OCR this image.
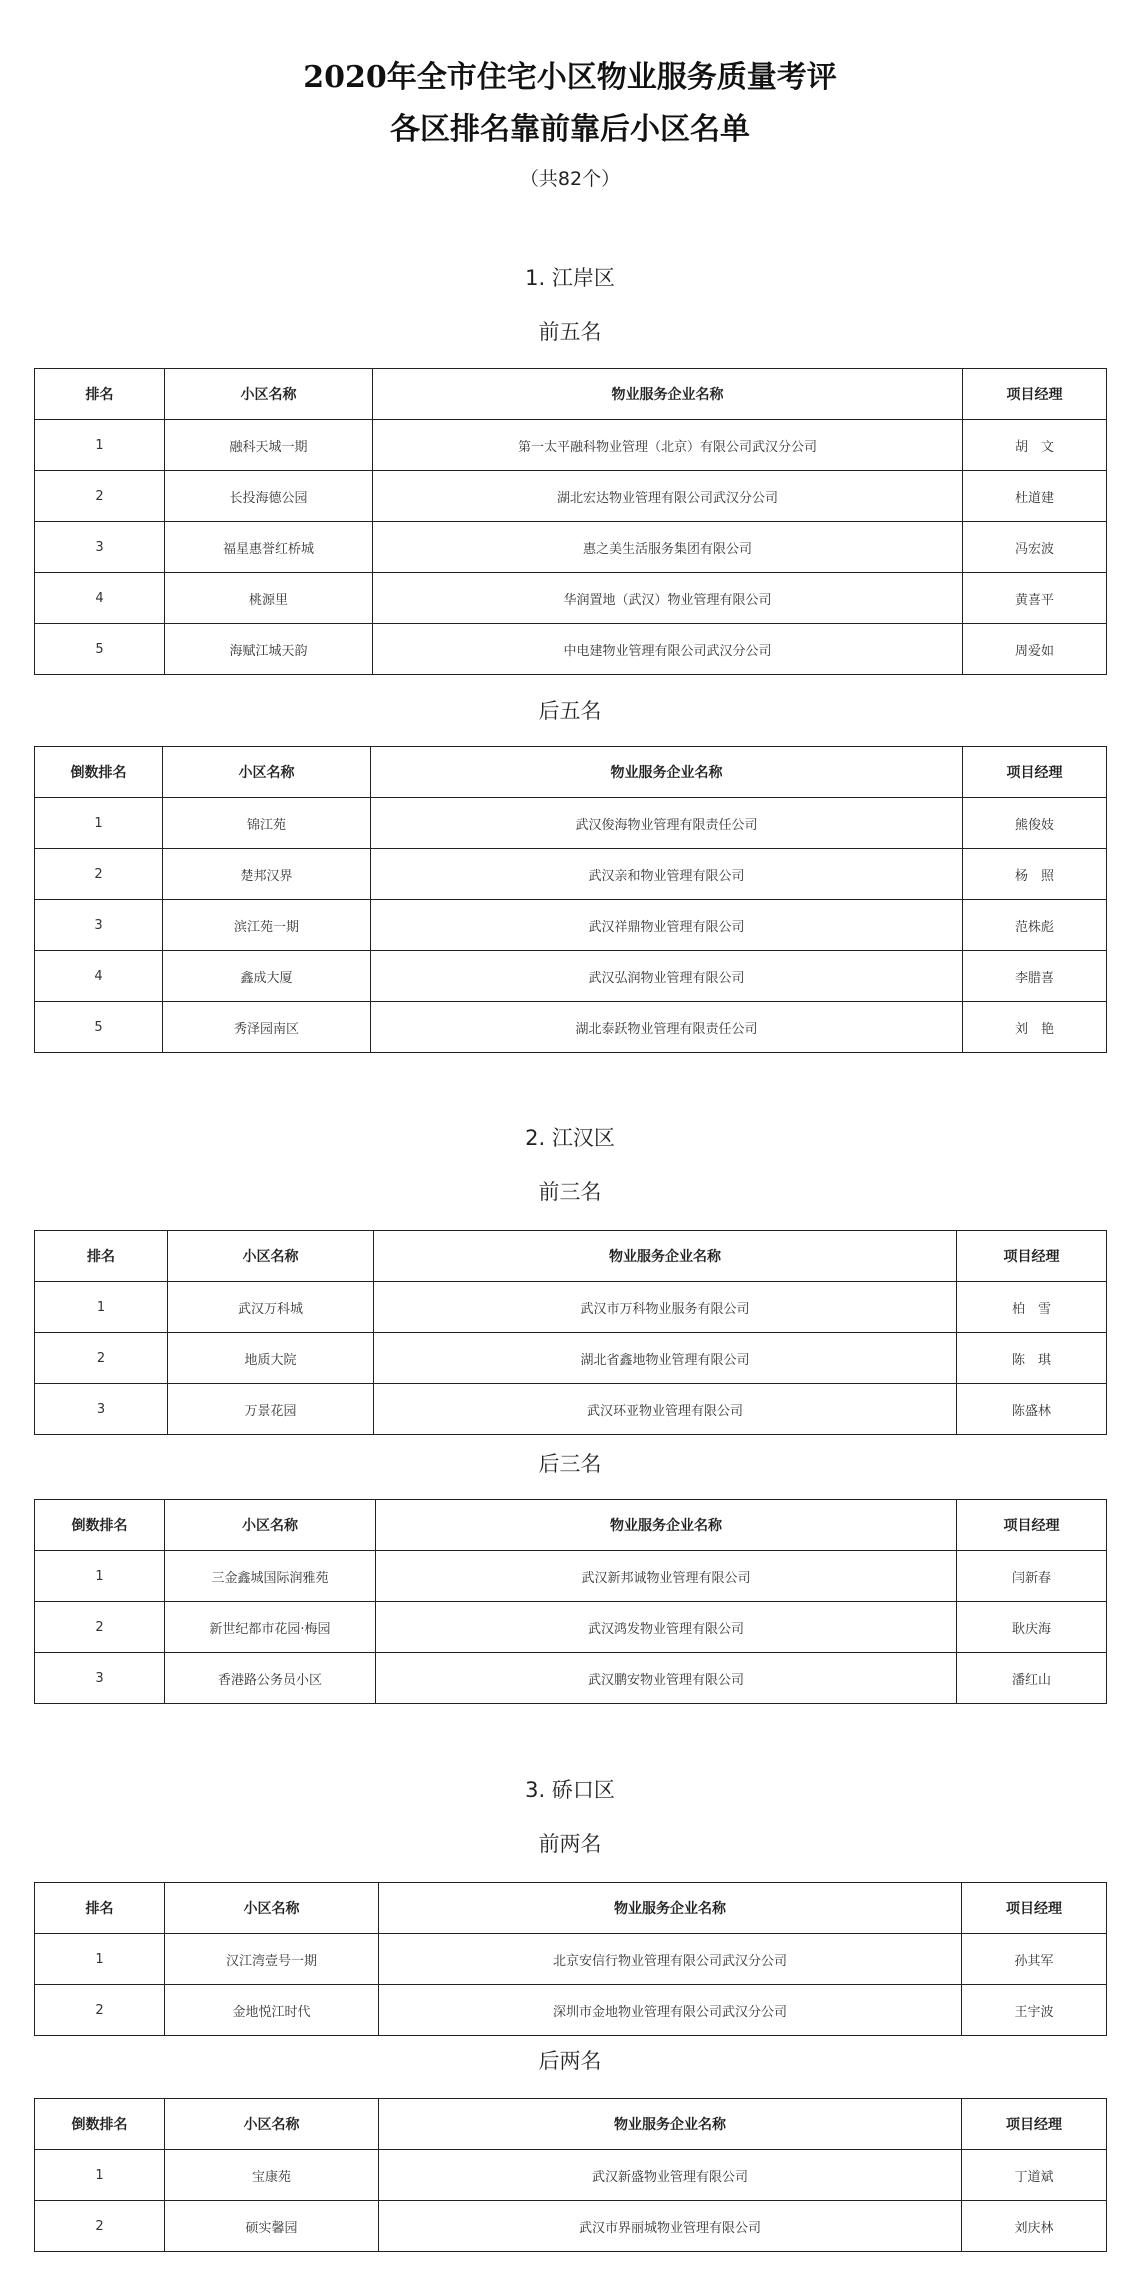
2020年全市住宅小区物业服务质量考评
各区排名靠前靠后小区名单
（共82个）
1. 江岸区
前五名
排名	小区名称	物业服务企业名称	项目经理
1	融科天城一期	第一太平融科物业管理（北京）有限公司武汉分公司	胡　文
2	长投海德公园	湖北宏达物业管理有限公司武汉分公司	杜道建
3	福星惠誉红桥城	惠之美生活服务集团有限公司	冯宏波
4	桃源里	华润置地（武汉）物业管理有限公司	黄喜平
5	海赋江城天韵	中电建物业管理有限公司武汉分公司	周爱如
后五名
倒数排名	小区名称	物业服务企业名称	项目经理
1	锦江苑	武汉俊海物业管理有限责任公司	熊俊妓
2	楚邦汉界	武汉亲和物业管理有限公司	杨　照
3	滨江苑一期	武汉祥鼎物业管理有限公司	范株彪
4	鑫成大厦	武汉弘润物业管理有限公司	李腊喜
5	秀泽园南区	湖北泰跃物业管理有限责任公司	刘　艳
2. 江汉区
前三名
排名	小区名称	物业服务企业名称	项目经理
1	武汉万科城	武汉市万科物业服务有限公司	柏　雪
2	地质大院	湖北省鑫地物业管理有限公司	陈　琪
3	万景花园	武汉环亚物业管理有限公司	陈盛林
后三名
倒数排名	小区名称	物业服务企业名称	项目经理
1	三金鑫城国际润雅苑	武汉新邦诚物业管理有限公司	闫新春
2	新世纪都市花园·梅园	武汉鸿发物业管理有限公司	耿庆海
3	香港路公务员小区	武汉鹏安物业管理有限公司	潘红山
3. 硚口区
前两名
排名	小区名称	物业服务企业名称	项目经理
1	汉江湾壹号一期	北京安信行物业管理有限公司武汉分公司	孙其军
2	金地悦江时代	深圳市金地物业管理有限公司武汉分公司	王宇波
后两名
倒数排名	小区名称	物业服务企业名称	项目经理
1	宝康苑	武汉新盛物业管理有限公司	丁道斌
2	硕实馨园	武汉市界丽城物业管理有限公司	刘庆林
